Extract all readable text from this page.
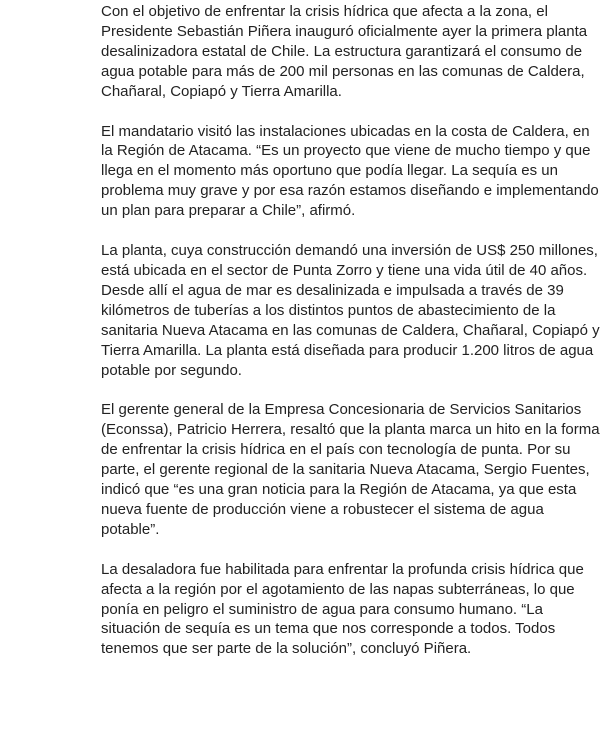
Con el objetivo de enfrentar la crisis hídrica que afecta a la zona, el Presidente Sebastián Piñera inauguró oficialmente ayer la primera planta desalinizadora estatal de Chile. La estructura garantizará el consumo de agua potable para más de 200 mil personas en las comunas de Caldera, Chañaral, Copiapó y Tierra Amarilla.

El mandatario visitó las instalaciones ubicadas en la costa de Caldera, en la Región de Atacama. “Es un proyecto que viene de mucho tiempo y que llega en el momento más oportuno que podía llegar. La sequía es un problema muy grave y por esa razón estamos diseñando e implementando un plan para preparar a Chile”, afirmó.

La planta, cuya construcción demandó una inversión de US$ 250 millones, está ubicada en el sector de Punta Zorro y tiene una vida útil de 40 años. Desde allí el agua de mar es desalinizada e impulsada a través de 39 kilómetros de tuberías a los distintos puntos de abastecimiento de la sanitaria Nueva Atacama en las comunas de Caldera, Chañaral, Copiapó y Tierra Amarilla. La planta está diseñada para producir 1.200 litros de agua potable por segundo.

El gerente general de la Empresa Concesionaria de Servicios Sanitarios (Econssa), Patricio Herrera, resaltó que la planta marca un hito en la forma de enfrentar la crisis hídrica en el país con tecnología de punta. Por su parte, el gerente regional de la sanitaria Nueva Atacama, Sergio Fuentes, indicó que “es una gran noticia para la Región de Atacama, ya que esta nueva fuente de producción viene a robustecer el sistema de agua potable”.

La desaladora fue habilitada para enfrentar la profunda crisis hídrica que afecta a la región por el agotamiento de las napas subterráneas, lo que ponía en peligro el suministro de agua para consumo humano. “La situación de sequía es un tema que nos corresponde a todos. Todos tenemos que ser parte de la solución”, concluyó Piñera.
